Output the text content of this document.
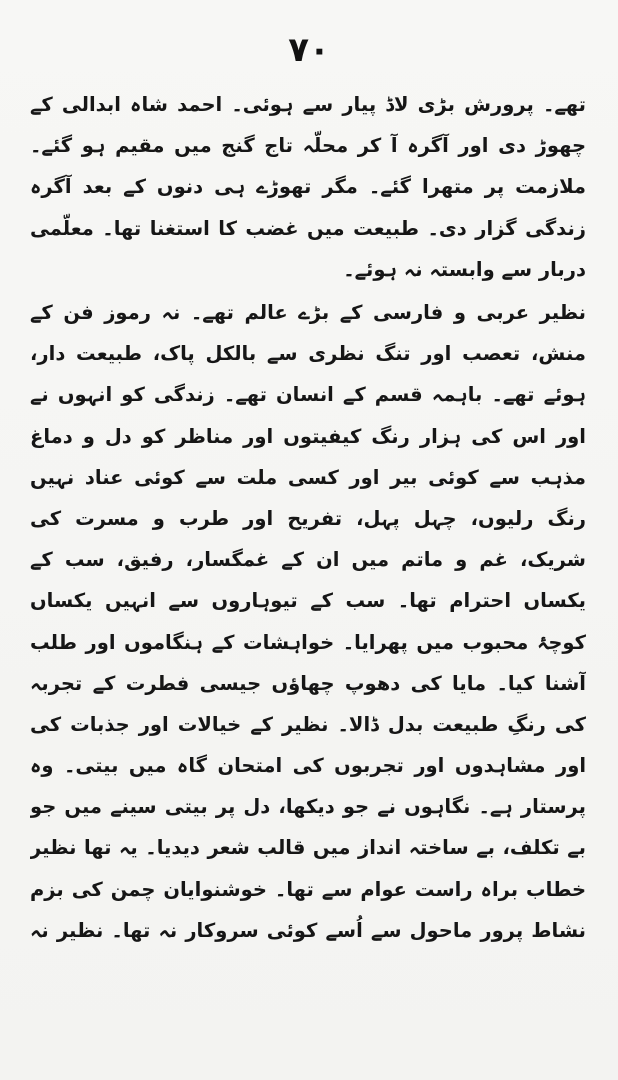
۷۰
تھے۔ پرورش بڑی لاڈ پیار سے ہوئی۔ احمد شاہ ابدالی کے
چھوڑ دی اور آگرہ آ کر محلّہ تاج گنج میں مقیم ہو گئے۔
ملازمت پر متھرا گئے۔ مگر تھوڑے ہی دنوں کے بعد آگرہ
زندگی گزار دی۔ طبیعت میں غضب کا استغنا تھا۔ معلّمی
دربار سے وابستہ نہ ہوئے۔
نظیر عربی و فارسی کے بڑے عالم تھے۔ نہ رموز فن کے
منش، تعصب اور تنگ نظری سے بالکل پاک، طبیعت دار،
ہوئے تھے۔ باہمہ قسم کے انسان تھے۔ زندگی کو انہوں نے
اور اس کی ہزار رنگ کیفیتوں اور مناظر کو دل و دماغ
مذہب سے کوئی بیر اور کسی ملت سے کوئی عناد نہیں
رنگ رلیوں، چہل پہل، تفریح اور طرب و مسرت کی
شریک، غم و ماتم میں ان کے غمگسار، رفیق، سب کے
یکساں احترام تھا۔ سب کے تیوہاروں سے انہیں یکساں
کوچۂ محبوب میں پھرایا۔ خواہشات کے ہنگاموں اور طلب
آشنا کیا۔ مایا کی دھوپ چھاؤں جیسی فطرت کے تجربہ
کی رنگِ طبیعت بدل ڈالا۔ نظیر کے خیالات اور جذبات کی
اور مشاہدوں اور تجربوں کی امتحان گاہ میں بیتی۔ وہ
پرستار ہے۔ نگاہوں نے جو دیکھا، دل پر بیتی سینے میں جو
بے تکلف، بے ساختہ انداز میں قالب شعر دیدیا۔ یہ تھا نظیر
خطاب براہ راست عوام سے تھا۔ خوشنوایان چمن کی بزم
نشاط پرور ماحول سے اُسے کوئی سروکار نہ تھا۔ نظیر نہ
